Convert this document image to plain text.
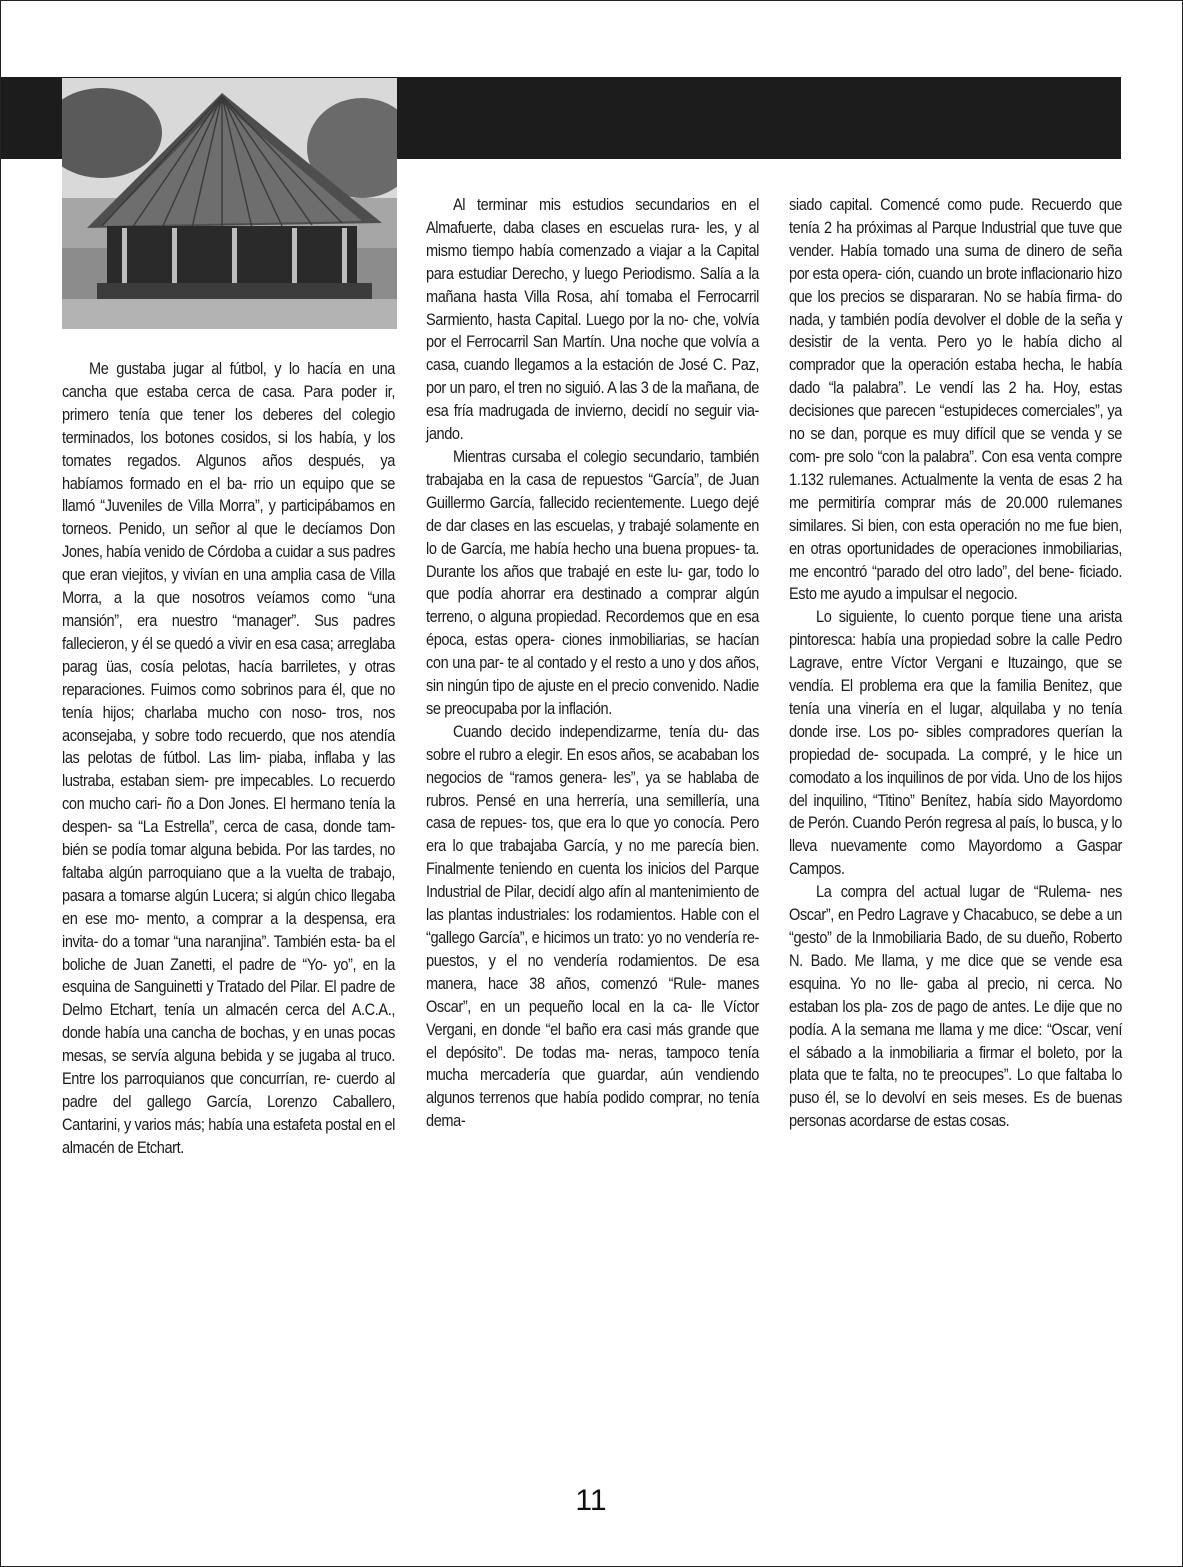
Me gustaba jugar al fútbol, y lo hacía en una cancha que estaba cerca de casa. Para poder ir, primero tenía que tener los deberes del colegio terminados, los botones cosidos, si los había, y los tomates regados. Algunos años después, ya habíamos formado en el ba- rrio un equipo que se llamó “Juveniles de Villa Morra”, y participábamos en torneos. Penido, un señor al que le decíamos Don Jones, había venido de Córdoba a cuidar a sus padres que eran viejitos, y vivían en una amplia casa de Villa Morra, a la que nosotros veíamos como “una mansión”, era nuestro “manager”. Sus padres fallecieron, y él se quedó a vivir en esa casa; arreglaba parag üas, cosía pelotas, hacía barriletes, y otras reparaciones. Fuimos como sobrinos para él, que no tenía hijos; charlaba mucho con noso- tros, nos aconsejaba, y sobre todo recuerdo, que nos atendía las pelotas de fútbol. Las lim- piaba, inflaba y las lustraba, estaban siem- pre impecables. Lo recuerdo con mucho cari- ño a Don Jones. El hermano tenía la despen- sa “La Estrella”, cerca de casa, donde tam- bién se podía tomar alguna bebida. Por las tardes, no faltaba algún parroquiano que a la vuelta de trabajo, pasara a tomarse algún Lucera; si algún chico llegaba en ese mo- mento, a comprar a la despensa, era invita- do a tomar “una naranjina”. También esta- ba el boliche de Juan Zanetti, el padre de “Yo- yo”, en la esquina de Sanguinetti y Tratado del Pilar. El padre de Delmo Etchart, tenía un almacén cerca del A.C.A., donde había una cancha de bochas, y en unas pocas mesas, se servía alguna bebida y se jugaba al truco. Entre los parroquianos que concurrían, re- cuerdo al padre del gallego García, Lorenzo Caballero, Cantarini, y varios más; había una estafeta postal en el almacén de Etchart.

Al terminar mis estudios secundarios en el Almafuerte, daba clases en escuelas rura- les, y al mismo tiempo había comenzado a viajar a la Capital para estudiar Derecho, y luego Periodismo. Salía a la mañana hasta Villa Rosa, ahí tomaba el Ferrocarril Sarmiento, hasta Capital. Luego por la no- che, volvía por el Ferrocarril San Martín. Una noche que volvía a casa, cuando llegamos a la estación de José C. Paz, por un paro, el tren no siguió. A las 3 de la mañana, de esa fría madrugada de invierno, decidí no seguir via- jando.

Mientras cursaba el colegio secundario, también trabajaba en la casa de repuestos “García”, de Juan Guillermo García, fallecido recientemente. Luego dejé de dar clases en las escuelas, y trabajé solamente en lo de García, me había hecho una buena propues- ta. Durante los años que trabajé en este lu- gar, todo lo que podía ahorrar era destinado a comprar algún terreno, o alguna propiedad. Recordemos que en esa época, estas opera- ciones inmobiliarias, se hacían con una par- te al contado y el resto a uno y dos años, sin ningún tipo de ajuste en el precio convenido. Nadie se preocupaba por la inflación.

Cuando decido independizarme, tenía du- das sobre el rubro a elegir. En esos años, se acababan los negocios de “ramos genera- les”, ya se hablaba de rubros. Pensé en una herrería, una semillería, una casa de repues- tos, que era lo que yo conocía. Pero era lo que trabajaba García, y no me parecía bien. Finalmente teniendo en cuenta los inicios del Parque Industrial de Pilar, decidí algo afín al mantenimiento de las plantas industriales: los rodamientos. Hable con el “gallego García”, e hicimos un trato: yo no vendería re- puestos, y el no vendería rodamientos. De esa manera, hace 38 años, comenzó “Rule- manes Oscar”, en un pequeño local en la ca- lle Víctor Vergani, en donde “el baño era casi más grande que el depósito”. De todas ma- neras, tampoco tenía mucha mercadería que guardar, aún vendiendo algunos terrenos que había podido comprar, no tenía dema-

siado capital. Comencé como pude. Recuerdo que tenía 2 ha próximas al Parque Industrial que tuve que vender. Había tomado una suma de dinero de seña por esta opera- ción, cuando un brote inflacionario hizo que los precios se dispararan. No se había firma- do nada, y también podía devolver el doble de la seña y desistir de la venta. Pero yo le había dicho al comprador que la operación estaba hecha, le había dado “la palabra”. Le vendí las 2 ha. Hoy, estas decisiones que parecen “estupideces comerciales”, ya no se dan, porque es muy difícil que se venda y se com- pre solo “con la palabra”. Con esa venta compre 1.132 rulemanes. Actualmente la venta de esas 2 ha me permitiría comprar más de 20.000 rulemanes similares. Si bien, con esta operación no me fue bien, en otras oportunidades de operaciones inmobiliarias, me encontró “parado del otro lado”, del bene- ficiado. Esto me ayudo a impulsar el negocio.

Lo siguiente, lo cuento porque tiene una arista pintoresca: había una propiedad sobre la calle Pedro Lagrave, entre Víctor Vergani e Ituzaingo, que se vendía. El problema era que la familia Benitez, que tenía una vinería en el lugar, alquilaba y no tenía donde irse. Los po- sibles compradores querían la propiedad de- socupada. La compré, y le hice un comodato a los inquilinos de por vida. Uno de los hijos del inquilino, “Titino” Benítez, había sido Mayordomo de Perón. Cuando Perón regresa al país, lo busca, y lo lleva nuevamente como Mayordomo a Gaspar Campos.

La compra del actual lugar de “Rulema- nes Oscar”, en Pedro Lagrave y Chacabuco, se debe a un “gesto” de la Inmobiliaria Bado, de su dueño, Roberto N. Bado. Me llama, y me dice que se vende esa esquina. Yo no lle- gaba al precio, ni cerca. No estaban los pla- zos de pago de antes. Le dije que no podía. A la semana me llama y me dice: “Oscar, vení el sábado a la inmobiliaria a firmar el boleto, por la plata que te falta, no te preocupes”. Lo que faltaba lo puso él, se lo devolví en seis meses. Es de buenas personas acordarse de estas cosas.

11
